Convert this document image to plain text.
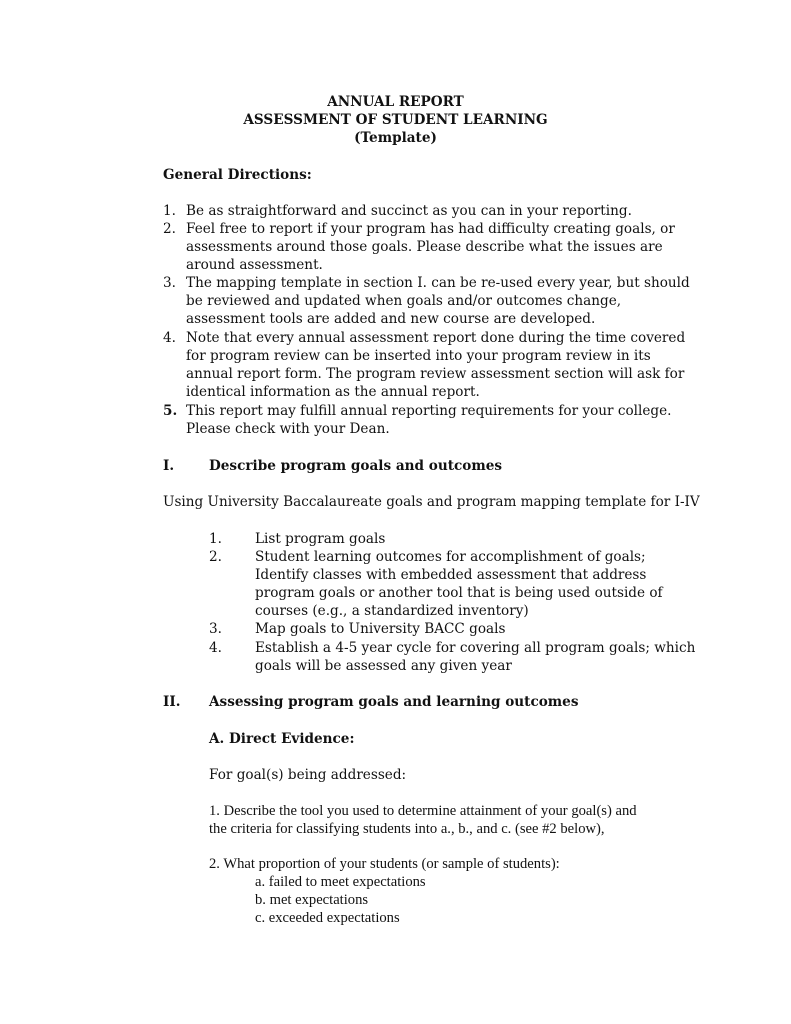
ANNUAL REPORT
ASSESSMENT OF STUDENT LEARNING
(Template)
General Directions:
1. Be as straightforward and succinct as you can in your reporting.
2. Feel free to report if your program has had difficulty creating goals, or
assessments around those goals. Please describe what the issues are
around assessment.
3. The mapping template in section I. can be re-used every year, but should
be reviewed and updated when goals and/or outcomes change,
assessment tools are added and new course are developed.
4. Note that every annual assessment report done during the time covered
for program review can be inserted into your program review in its
annual report form. The program review assessment section will ask for
identical information as the annual report.
5. This report may fulfill annual reporting requirements for your college.
Please check with your Dean.
I.	Describe program goals and outcomes
Using University Baccalaureate goals and program mapping template for I-IV
1. List program goals
2. Student learning outcomes for accomplishment of goals;
Identify classes with embedded assessment that address
program goals or another tool that is being used outside of
courses (e.g., a standardized inventory)
3. Map goals to University BACC goals
4. Establish a 4-5 year cycle for covering all program goals; which
goals will be assessed any given year
II. Assessing program goals and learning outcomes
A. Direct Evidence:
For goal(s) being addressed:
1. Describe the tool you used to determine attainment of your goal(s) and
the criteria for classifying students into a., b., and c. (see #2 below),
2. What proportion of your students (or sample of students):
a. failed to meet expectations
b. met expectations
c. exceeded expectations
